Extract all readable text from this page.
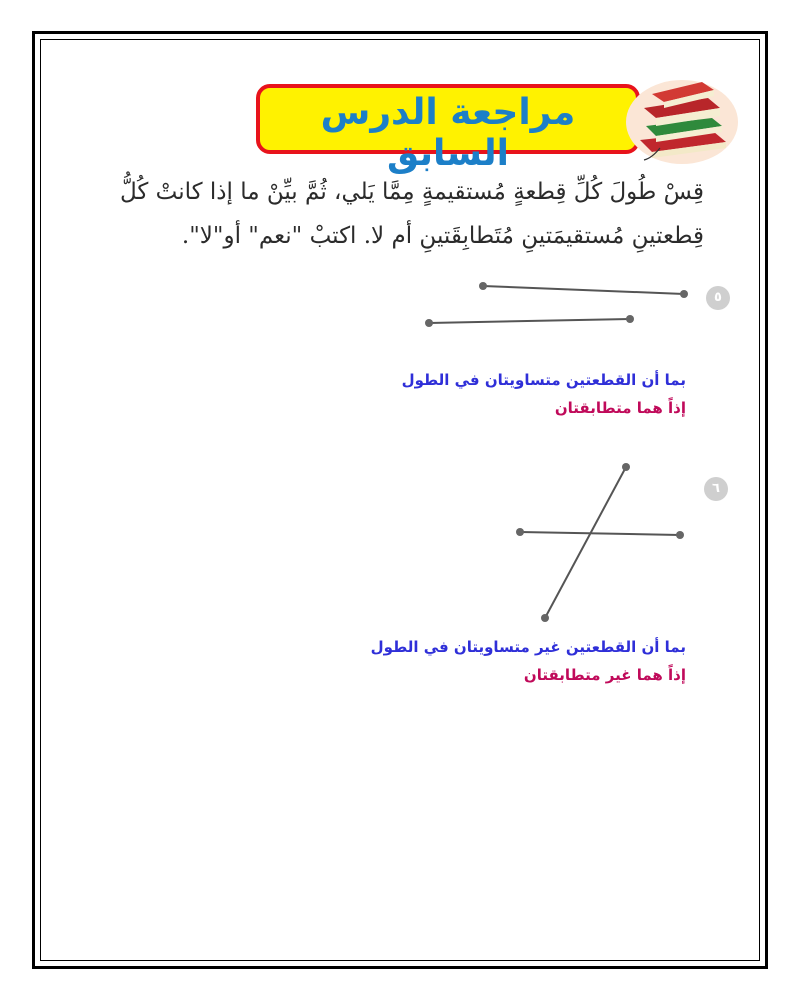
مراجعة الدرس السابق

قِسْ طُولَ كُلِّ قِطعةٍ مُستقيمةٍ مِمَّا يَلي، ثُمَّ بيِّنْ ما إذا كانتْ كُلُّ

قِطعتينِ مُستقيمَتينِ مُتَطابِقَتينِ أم لا. اكتبْ "نعم" أو"لا".

٥
٦
بما أن القطعتين متساويتان في الطول
إذاً هما متطابقتان
بما أن القطعتين غير متساويتان في الطول
إذاً هما غير متطابقتان
